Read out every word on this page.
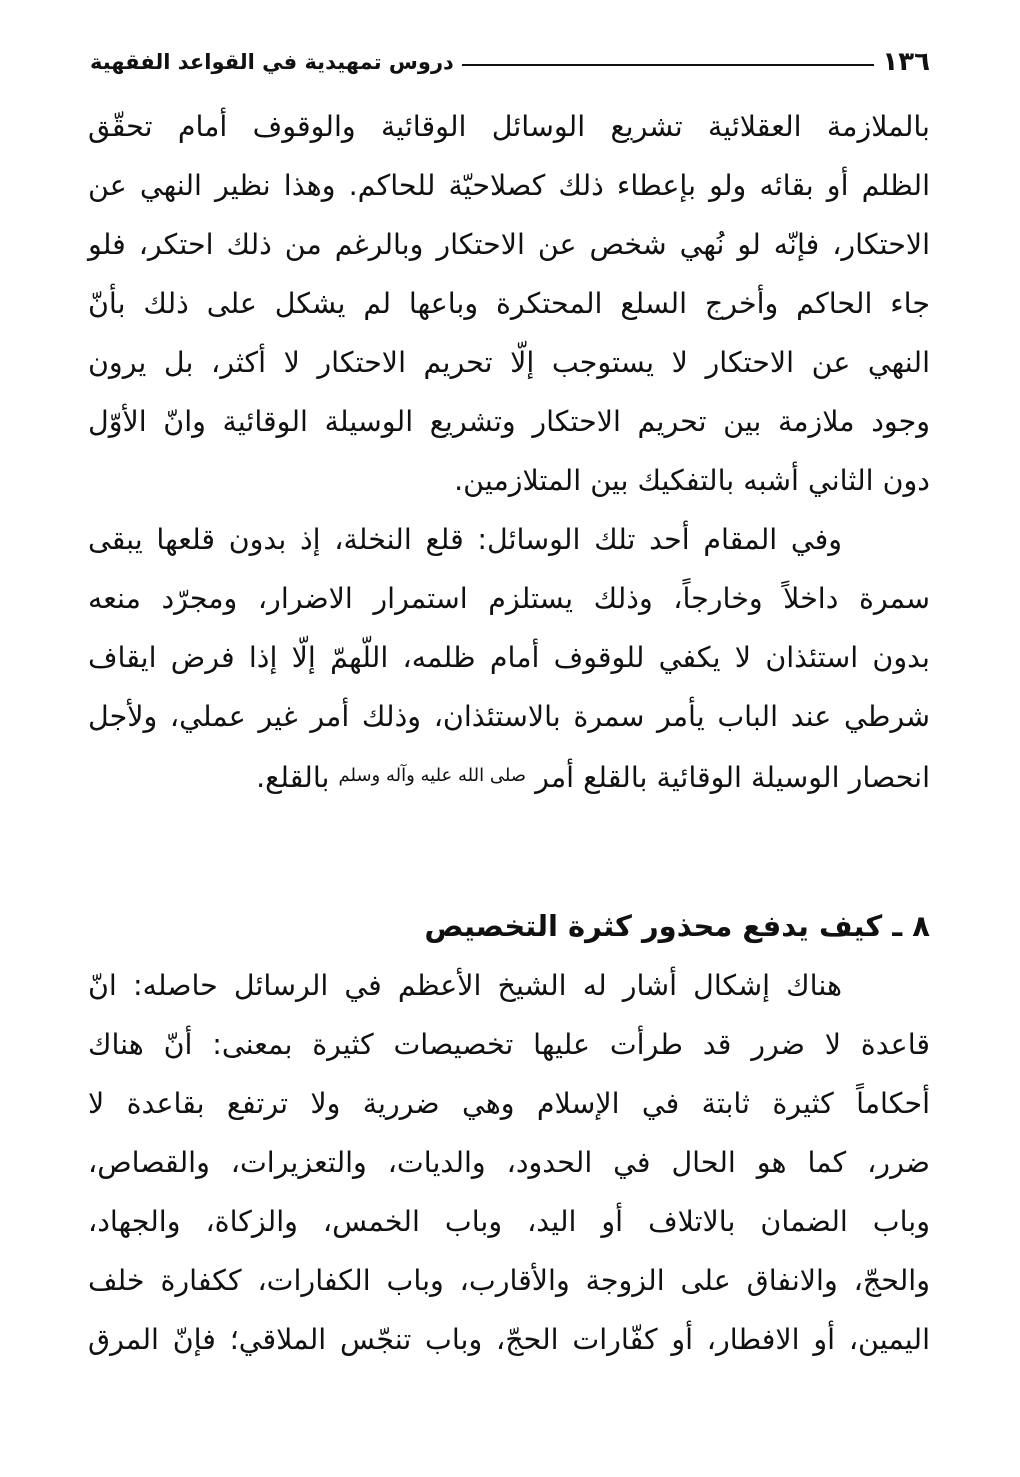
١٣٦
دروس تمهيدية في القواعد الفقهية
بالملازمة العقلائية تشريع الوسائل الوقائية والوقوف أمام تحقّق
الظلم أو بقائه ولو بإعطاء ذلك كصلاحيّة للحاكم. وهذا نظير النهي عن
الاحتكار، فإنّه لو نُهي شخص عن الاحتكار وبالرغم من ذلك احتكر، فلو
جاء الحاكم وأخرج السلع المحتكرة وباعها لم يشكل على ذلك بأنّ
النهي عن الاحتكار لا يستوجب إلّا تحريم الاحتكار لا أكثر، بل يرون
وجود ملازمة بين تحريم الاحتكار وتشريع الوسيلة الوقائية وانّ الأوّل
دون الثاني أشبه بالتفكيك بين المتلازمين.
وفي المقام أحد تلك الوسائل: قلع النخلة، إذ بدون قلعها يبقى
سمرة داخلاً وخارجاً، وذلك يستلزم استمرار الاضرار، ومجرّد منعه
بدون استئذان لا يكفي للوقوف أمام ظلمه، اللّهمّ إلّا إذا فرض ايقاف
شرطي عند الباب يأمر سمرة بالاستئذان، وذلك أمر غير عملي، ولأجل
انحصار الوسيلة الوقائية بالقلع أمر $^{صلى الله عليه وآله وسلم}$ بالقلع.
٨ ـ كيف يدفع محذور كثرة التخصيص
هناك إشكال أشار له الشيخ الأعظم في الرسائل حاصله: انّ
قاعدة لا ضرر قد طرأت عليها تخصيصات كثيرة بمعنى: أنّ هناك
أحكاماً كثيرة ثابتة في الإسلام وهي ضررية ولا ترتفع بقاعدة لا
ضرر، كما هو الحال في الحدود، والديات، والتعزيرات، والقصاص،
وباب الضمان بالاتلاف أو اليد، وباب الخمس، والزكاة، والجهاد،
والحجّ، والانفاق على الزوجة والأقارب، وباب الكفارات، ككفارة خلف
اليمين، أو الافطار، أو كفّارات الحجّ، وباب تنجّس الملاقي؛ فإنّ المرق
